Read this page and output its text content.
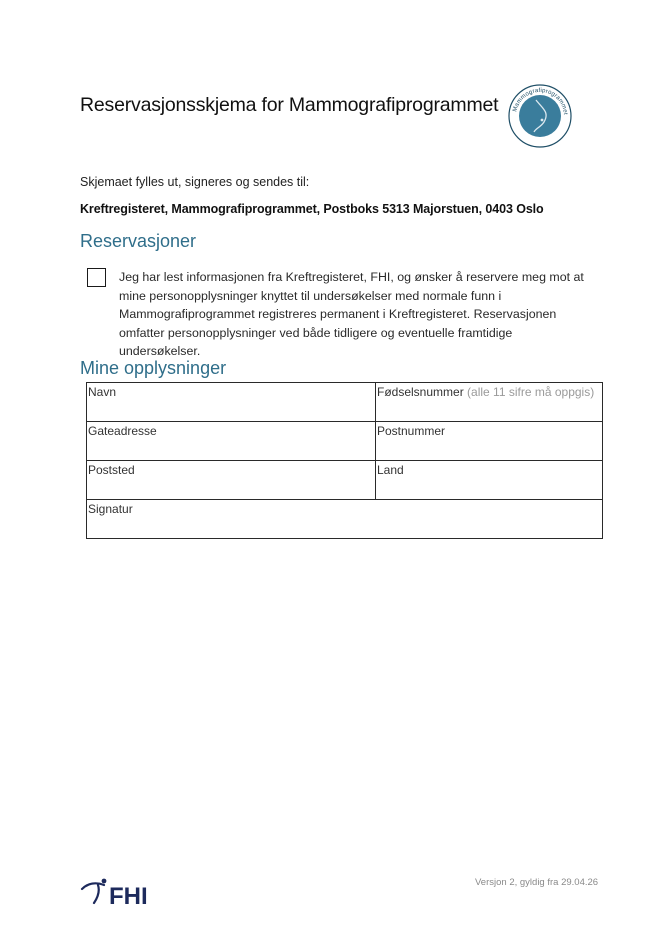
Reservasjonsskjema for Mammografiprogrammet Mammografiprogrammet
Skjemaet fylles ut, signeres og sendes til:
Kreftregisteret, Mammografiprogrammet, Postboks 5313 Majorstuen, 0403 Oslo
Reservasjoner
Jeg har lest informasjonen fra Kreftregisteret, FHI, og ønsker å reservere meg mot at mine personopplysninger knyttet til undersøkelser med normale funn i Mammografiprogrammet registreres permanent i Kreftregisteret. Reservasjonen omfatter personopplysninger ved både tidligere og eventuelle framtidige undersøkelser.
Mine opplysninger
Navn	Fødselsnummer (alle 11 sifre må oppgis)
Gateadresse	Postnummer
Poststed	Land
Signatur	
FHI
Versjon 2, gyldig fra 29.04.26
